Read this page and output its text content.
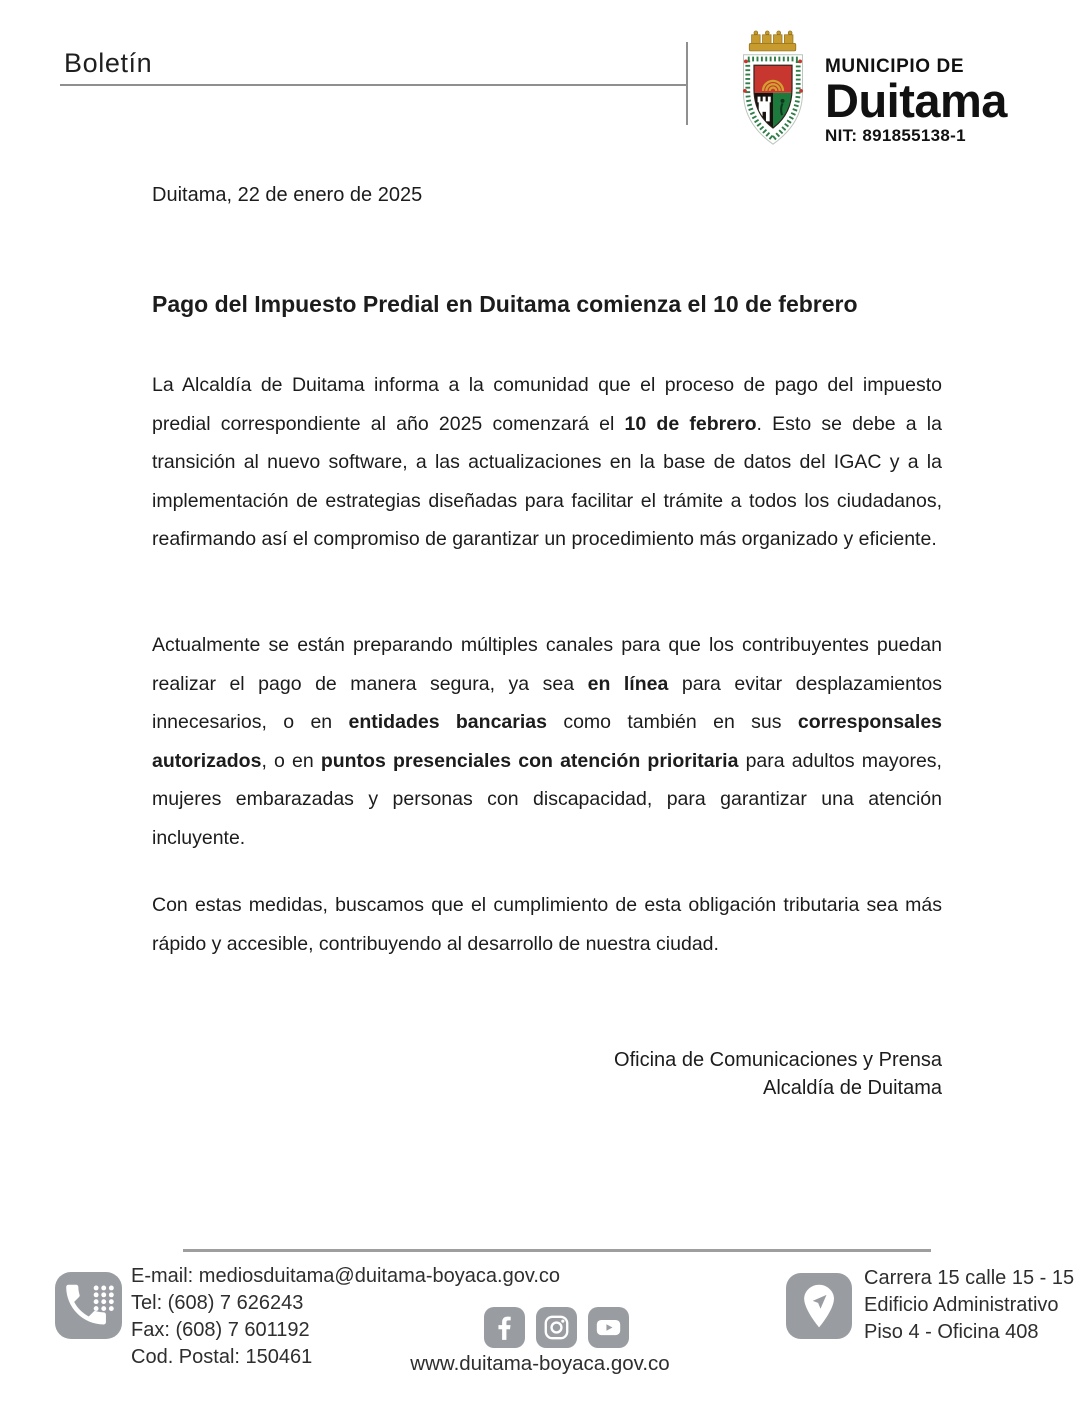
Boletín	MUNICIPIO DE
Duitama
NIT: 891855138-1

Duitama, 22 de enero de 2025

Pago del Impuesto Predial en Duitama comienza el 10 de febrero

La Alcaldía de Duitama informa a la comunidad que el proceso de pago del impuesto predial correspondiente al año 2025 comenzará el 10 de febrero. Esto se debe a la transición al nuevo software, a las actualizaciones en la base de datos del IGAC y a la implementación de estrategias diseñadas para facilitar el trámite a todos los ciudadanos, reafirmando así el compromiso de garantizar un procedimiento más organizado y eficiente.

Actualmente se están preparando múltiples canales para que los contribuyentes puedan realizar el pago de manera segura, ya sea en línea para evitar desplazamientos innecesarios, o en entidades bancarias como también en sus corresponsales autorizados, o en puntos presenciales con atención prioritaria para adultos mayores, mujeres embarazadas y personas con discapacidad, para garantizar una atención incluyente.

Con estas medidas, buscamos que el cumplimiento de esta obligación tributaria sea más rápido y accesible, contribuyendo al desarrollo de nuestra ciudad.

Oficina de Comunicaciones y Prensa
Alcaldía de Duitama
E-mail: mediosduitama@duitama-boyaca.gov.co
Tel: (608) 7 626243
Fax: (608) 7 601192
Cod. Postal: 150461	www.duitama-boyaca.gov.co
Carrera 15 calle 15 - 15
Edificio Administrativo
Piso 4 - Oficina 408
